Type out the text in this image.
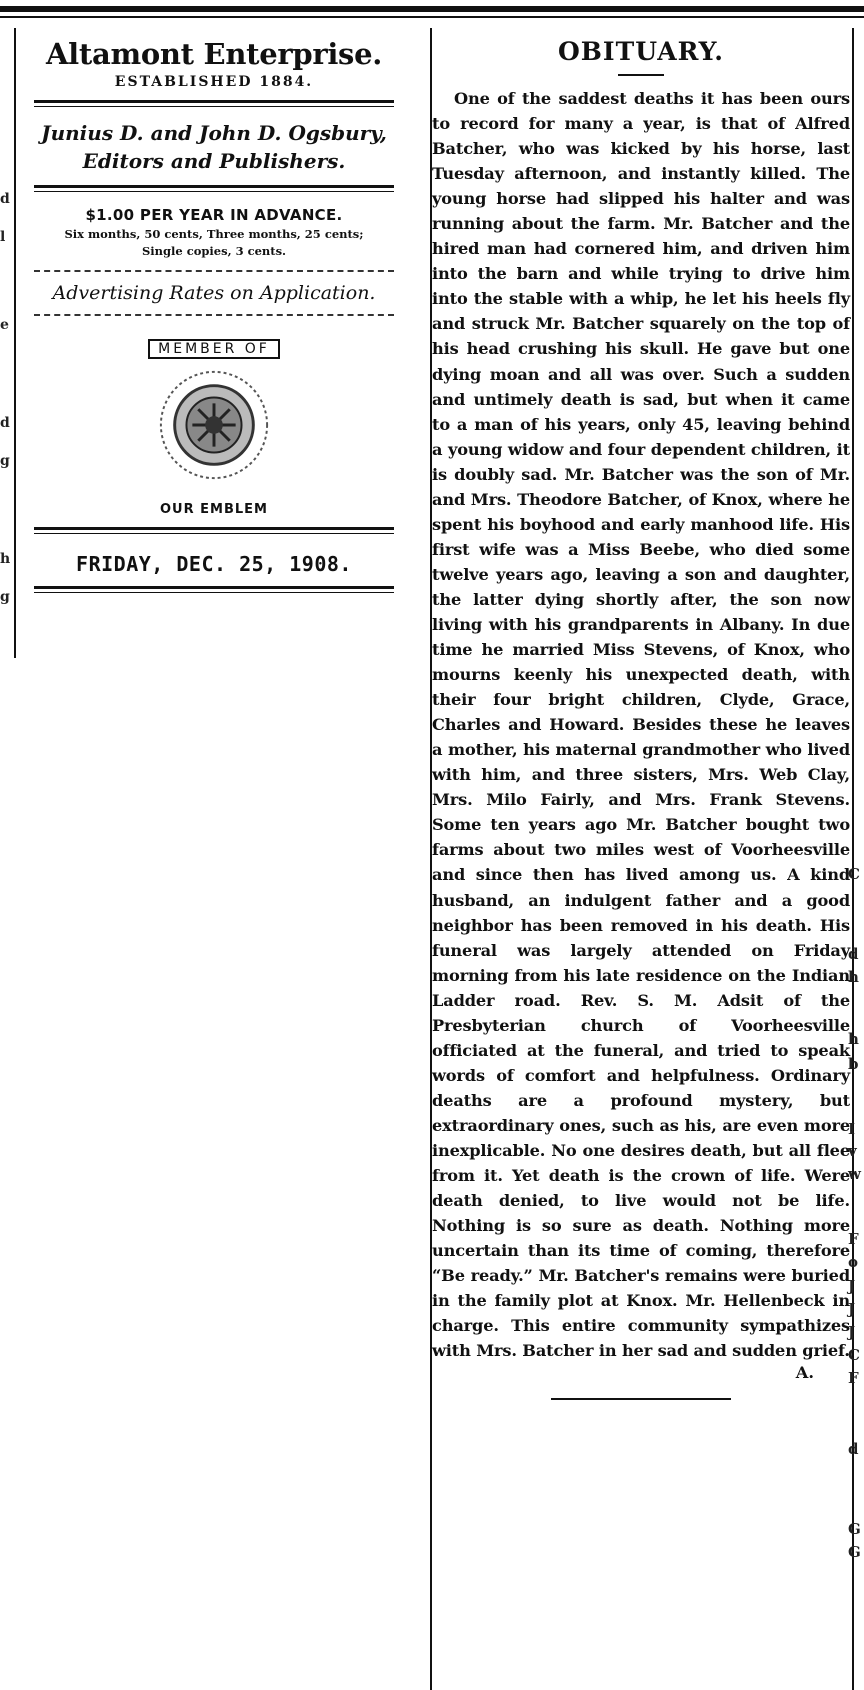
d
l
e
d
g
h
g
C
d
h
h
b
I
v
w
F
o
J
J
J
C
F
d
G
G
Altamont Enterprise.
ESTABLISHED 1884.
Junius D. and John D. Ogsbury,
Editors and Publishers.
$1.00 PER YEAR IN ADVANCE.
Six months, 50 cents, Three months, 25 cents;
Single copies, 3 cents.
Advertising Rates on Application.
MEMBER OF
OUR EMBLEM
FRIDAY, DEC. 25, 1908.
OBITUARY.

One of the saddest deaths it has been ours to record for many a year, is that of Alfred Batcher, who was kicked by his horse, last Tuesday afternoon, and instantly killed. The young horse had slipped his halter and was running about the farm. Mr. Batcher and the hired man had cornered him, and driven him into the barn and while trying to drive him into the stable with a whip, he let his heels fly and struck Mr. Batcher squarely on the top of his head crushing his skull. He gave but one dying moan and all was over. Such a sudden and untimely death is sad, but when it came to a man of his years, only 45, leaving behind a young widow and four dependent children, it is doubly sad. Mr. Batcher was the son of Mr. and Mrs. Theodore Batcher, of Knox, where he spent his boyhood and early manhood life. His first wife was a Miss Beebe, who died some twelve years ago, leaving a son and daughter, the latter dying shortly after, the son now living with his grandparents in Albany. In due time he married Miss Stevens, of Knox, who mourns keenly his unexpected death, with their four bright children, Clyde, Grace, Charles and Howard. Besides these he leaves a mother, his maternal grandmother who lived with him, and three sisters, Mrs. Web Clay, Mrs. Milo Fairly, and Mrs. Frank Stevens. Some ten years ago Mr. Batcher bought two farms about two miles west of Voorheesville and since then has lived among us. A kind husband, an indulgent father and a good neighbor has been removed in his death. His funeral was largely attended on Friday morning from his late residence on the Indian Ladder road. Rev. S. M. Adsit of the Presbyterian church of Voorheesville officiated at the funeral, and tried to speak words of comfort and helpfulness. Ordinary deaths are a profound mystery, but extraordinary ones, such as his, are even more inexplicable. No one desires death, but all flee from it. Yet death is the crown of life. Were death denied, to live would not be life. Nothing is so sure as death. Nothing more uncertain than its time of coming, therefore “Be ready.” Mr. Batcher's remains were buried in the family plot at Knox. Mr. Hellenbeck in charge. This entire community sympathizes with Mrs. Batcher in her sad and sudden grief.

A.
